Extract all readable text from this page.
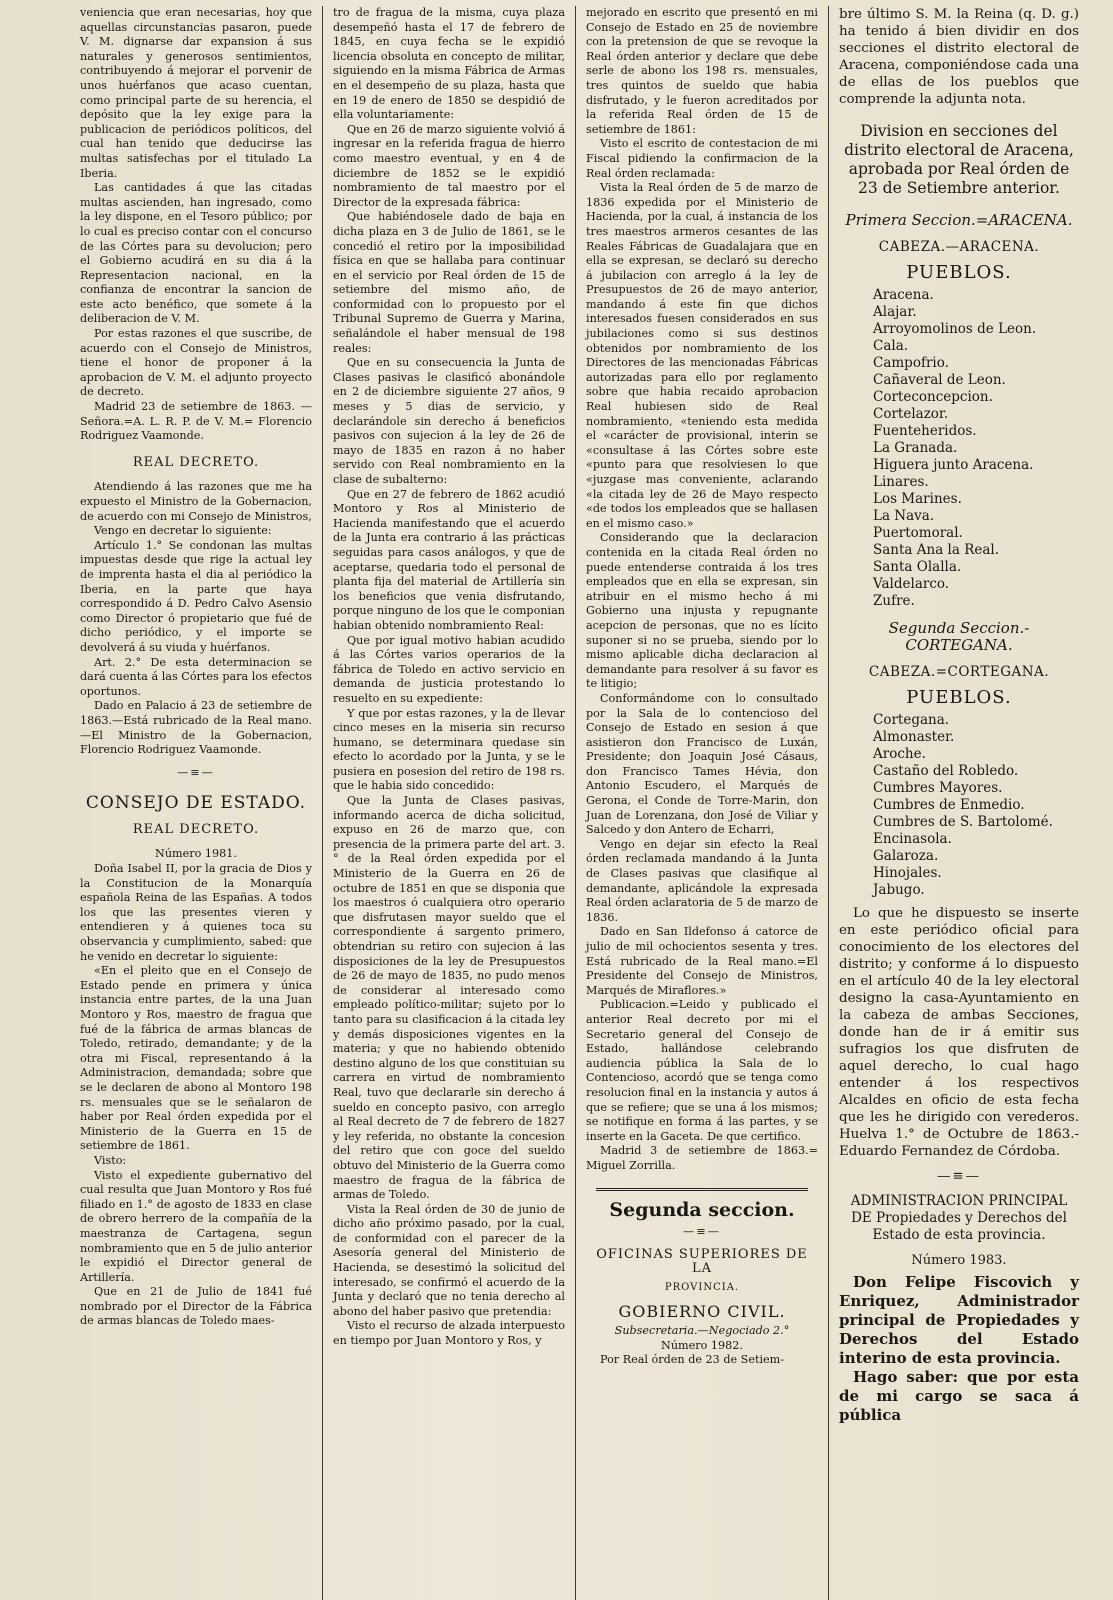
veniencia que eran necesarias, hoy que aquellas circunstancias pasaron, puede V. M. dignarse dar expansion á sus naturales y generosos sentimientos, contribuyendo á mejorar el porvenir de unos huérfanos que acaso cuentan, como principal parte de su herencia, el depósito que la ley exige para la publicacion de periódicos políticos, del cual han tenido que deducirse las multas satisfechas por el titulado La Iberia.

Las cantidades á que las citadas multas ascienden, han ingresado, como la ley dispone, en el Tesoro público; por lo cual es preciso contar con el concurso de las Córtes para su devolucion; pero el Gobierno acudirá en su dia á la Representacion nacional, en la confianza de encontrar la sancion de este acto benéfico, que somete á la deliberacion de V. M.

Por estas razones el que suscribe, de acuerdo con el Consejo de Ministros, tiene el honor de proponer á la aprobacion de V. M. el adjunto proyecto de decreto.

Madrid 23 de setiembre de 1863. —Señora.=A. L. R. P. de V. M.= Florencio Rodriguez Vaamonde.

REAL DECRETO.

Atendiendo á las razones que me ha expuesto el Ministro de la Gobernacion, de acuerdo con mi Consejo de Ministros,

Vengo en decretar lo siguiente:

Artículo 1.° Se condonan las multas impuestas desde que rige la actual ley de imprenta hasta el dia al periódico la Iberia, en la parte que haya correspondido á D. Pedro Calvo Asensio como Director ó propietario que fué de dicho periódico, y el importe se devolverá á su viuda y huérfanos.

Art. 2.° De esta determinacion se dará cuenta á las Córtes para los efectos oportunos.

Dado en Palacio á 23 de setiembre de 1863.—Está rubricado de la Real mano.—El Ministro de la Gobernacion, Florencio Rodriguez Vaamonde.

—≡—
CONSEJO DE ESTADO.
REAL DECRETO.

Número 1981.

Doña Isabel II, por la gracia de Dios y la Constitucion de la Monarquía española Reina de las Españas. A todos los que las presentes vieren y entendieren y á quienes toca su observancia y cumplimiento, sabed: que he venido en decretar lo siguiente:

«En el pleito que en el Consejo de Estado pende en primera y única instancia entre partes, de la una Juan Montoro y Ros, maestro de fragua que fué de la fábrica de armas blancas de Toledo, retirado, demandante; y de la otra mi Fiscal, representando á la Administracion, demandada; sobre que se le declaren de abono al Montoro 198 rs. mensuales que se le señalaron de haber por Real órden expedida por el Ministerio de la Guerra en 15 de setiembre de 1861.

Visto:

Visto el expediente gubernativo del cual resulta que Juan Montoro y Ros fué filiado en 1.° de agosto de 1833 en clase de obrero herrero de la compañía de la maestranza de Cartagena, segun nombramiento que en 5 de julio anterior le expidió el Director general de Artillería.

Que en 21 de Julio de 1841 fué nombrado por el Director de la Fábrica de armas blancas de Toledo maes-

tro de fragua de la misma, cuya plaza desempeñó hasta el 17 de febrero de 1845, en cuya fecha se le expidió licencia obsoluta en concepto de militar, siguiendo en la misma Fábrica de Armas en el desempeño de su plaza, hasta que en 19 de enero de 1850 se despidió de ella voluntariamente:

Que en 26 de marzo siguiente volvió á ingresar en la referida fragua de hierro como maestro eventual, y en 4 de diciembre de 1852 se le expidió nombramiento de tal maestro por el Director de la expresada fábrica:

Que habiéndosele dado de baja en dicha plaza en 3 de Julio de 1861, se le concedió el retiro por la imposibilidad física en que se hallaba para continuar en el servicio por Real órden de 15 de setiembre del mismo año, de conformidad con lo propuesto por el Tribunal Supremo de Guerra y Marina, señalándole el haber mensual de 198 reales:

Que en su consecuencia la Junta de Clases pasivas le clasificó abonándole en 2 de diciembre siguiente 27 años, 9 meses y 5 dias de servicio, y declarándole sin derecho á beneficios pasivos con sujecion á la ley de 26 de mayo de 1835 en razon á no haber servido con Real nombramiento en la clase de subalterno:

Que en 27 de febrero de 1862 acudió Montoro y Ros al Ministerio de Hacienda manifestando que el acuerdo de la Junta era contrario á las prácticas seguidas para casos análogos, y que de aceptarse, quedaria todo el personal de planta fija del material de Artillería sin los beneficios que venia disfrutando, porque ninguno de los que le componian habian obtenido nombramiento Real:

Que por igual motivo habian acudido á las Córtes varios operarios de la fábrica de Toledo en activo servicio en demanda de justicia protestando lo resuelto en su expediente:

Y que por estas razones, y la de llevar cinco meses en la miseria sin recurso humano, se determinara quedase sin efecto lo acordado por la Junta, y se le pusiera en posesion del retiro de 198 rs. que le habia sido concedido:

Que la Junta de Clases pasivas, informando acerca de dicha solicitud, expuso en 26 de marzo que, con presencia de la primera parte del art. 3.° de la Real órden expedida por el Ministerio de la Guerra en 26 de octubre de 1851 en que se disponia que los maestros ó cualquiera otro operario que disfrutasen mayor sueldo que el correspondiente á sargento primero, obtendrian su retiro con sujecion á las disposiciones de la ley de Presupuestos de 26 de mayo de 1835, no pudo menos de considerar al interesado como empleado político-militar; sujeto por lo tanto para su clasificacion á la citada ley y demás disposiciones vigentes en la materia; y que no habiendo obtenido destino alguno de los que constituian su carrera en virtud de nombramiento Real, tuvo que declararle sin derecho á sueldo en concepto pasivo, con arreglo al Real decreto de 7 de febrero de 1827 y ley referida, no obstante la concesion del retiro que con goce del sueldo obtuvo del Ministerio de la Guerra como maestro de fragua de la fábrica de armas de Toledo.

Vista la Real órden de 30 de junio de dicho año próximo pasado, por la cual, de conformidad con el parecer de la Asesoría general del Ministerio de Hacienda, se desestimó la solicitud del interesado, se confirmó el acuerdo de la Junta y declaró que no tenia derecho al abono del haber pasivo que pretendia:

Visto el recurso de alzada interpuesto en tiempo por Juan Montoro y Ros, y

mejorado en escrito que presentó en mi Consejo de Estado en 25 de noviembre con la pretension de que se revoque la Real órden anterior y declare que debe serle de abono los 198 rs. mensuales, tres quintos de sueldo que habia disfrutado, y le fueron acreditados por la referida Real órden de 15 de setiembre de 1861:

Visto el escrito de contestacion de mi Fiscal pidiendo la confirmacion de la Real órden reclamada:

Vista la Real órden de 5 de marzo de 1836 expedida por el Ministerio de Hacienda, por la cual, á instancia de los tres maestros armeros cesantes de las Reales Fábricas de Guadalajara que en ella se expresan, se declaró su derecho á jubilacion con arreglo á la ley de Presupuestos de 26 de mayo anterior, mandando á este fin que dichos interesados fuesen considerados en sus jubilaciones como si sus destinos obtenidos por nombramiento de los Directores de las mencionadas Fábricas autorizadas para ello por reglamento sobre que habia recaido aprobacion Real hubiesen sido de Real nombramiento, «teniendo esta medida el «carácter de provisional, interin se «consultase á las Córtes sobre este «punto para que resolviesen lo que «juzgase mas conveniente, aclarando «la citada ley de 26 de Mayo respecto «de todos los empleados que se hallasen en el mismo caso.»

Considerando que la declaracion contenida en la citada Real órden no puede entenderse contraida á los tres empleados que en ella se expresan, sin atribuir en el mismo hecho á mi Gobierno una injusta y repugnante acepcion de personas, que no es lícito suponer si no se prueba, siendo por lo mismo aplicable dicha declaracion al demandante para resolver á su favor es te litigio;

Conformándome con lo consultado por la Sala de lo contencioso del Consejo de Estado en sesion á que asistieron don Francisco de Luxán, Presidente; don Joaquin José Cásaus, don Francisco Tames Hévia, don Antonio Escudero, el Marqués de Gerona, el Conde de Torre-Marin, don Juan de Lorenzana, don José de Viliar y Salcedo y don Antero de Echarri,

Vengo en dejar sin efecto la Real órden reclamada mandando á la Junta de Clases pasivas que clasifique al demandante, aplicándole la expresada Real órden aclaratoria de 5 de marzo de 1836.

Dado en San Ildefonso á catorce de julio de mil ochocientos sesenta y tres. Está rubricado de la Real mano.=El Presidente del Consejo de Ministros, Marqués de Miraflores.»

Publicacion.=Leido y publicado el anterior Real decreto por mi el Secretario general del Consejo de Estado, hallándose celebrando audiencia pública la Sala de lo Contencioso, acordó que se tenga como resolucion final en la instancia y autos á que se refiere; que se una á los mismos; se notifique en forma á las partes, y se inserte en la Gaceta. De que certifico.

Madrid 3 de setiembre de 1863.= Miguel Zorrilla.

Segunda seccion.
—≡—
OFICINAS SUPERIORES DE LA
PROVINCIA.
GOBIERNO CIVIL.

Subsecretaria.—Negociado 2.°

Número 1982.

Por Real órden de 23 de Setiem-

bre último S. M. la Reina (q. D. g.) ha tenido á bien dividir en dos secciones el distrito electoral de Aracena, componiéndose cada una de ellas de los pueblos que comprende la adjunta nota.

Division en secciones del distrito electoral de Aracena, aprobada por Real órden de 23 de Setiembre anterior.
Primera Seccion.=ARACENA.
CABEZA.—ARACENA.
PUEBLOS.
Aracena.
Alajar.
Arroyomolinos de Leon.
Cala.
Campofrio.
Cañaveral de Leon.
Corteconcepcion.
Cortelazor.
Fuenteheridos.
La Granada.
Higuera junto Aracena.
Linares.
Los Marines.
La Nava.
Puertomoral.
Santa Ana la Real.
Santa Olalla.
Valdelarco.
Zufre.
Segunda Seccion.-CORTEGANA.
CABEZA.=CORTEGANA.
PUEBLOS.
Cortegana.
Almonaster.
Aroche.
Castaño del Robledo.
Cumbres Mayores.
Cumbres de Enmedio.
Cumbres de S. Bartolomé.
Encinasola.
Galaroza.
Hinojales.
Jabugo.

Lo que he dispuesto se inserte en este periódico oficial para conocimiento de los electores del distrito; y conforme á lo dispuesto en el artículo 40 de la ley electoral designo la casa-Ayuntamiento en la cabeza de ambas Secciones, donde han de ir á emitir sus sufragios los que disfruten de aquel derecho, lo cual hago entender á los respectivos Alcaldes en oficio de esta fecha que les he dirigido con verederos. Huelva 1.° de Octubre de 1863.-Eduardo Fernandez de Córdoba.

—≡—
ADMINISTRACION PRINCIPAL DE Propiedades y Derechos del Estado de esta provincia.
Número 1983.

Don Felipe Fiscovich y Enriquez, Administrador principal de Propiedades y Derechos del Estado interino de esta provincia.

Hago saber: que por esta de mi cargo se saca á pública
